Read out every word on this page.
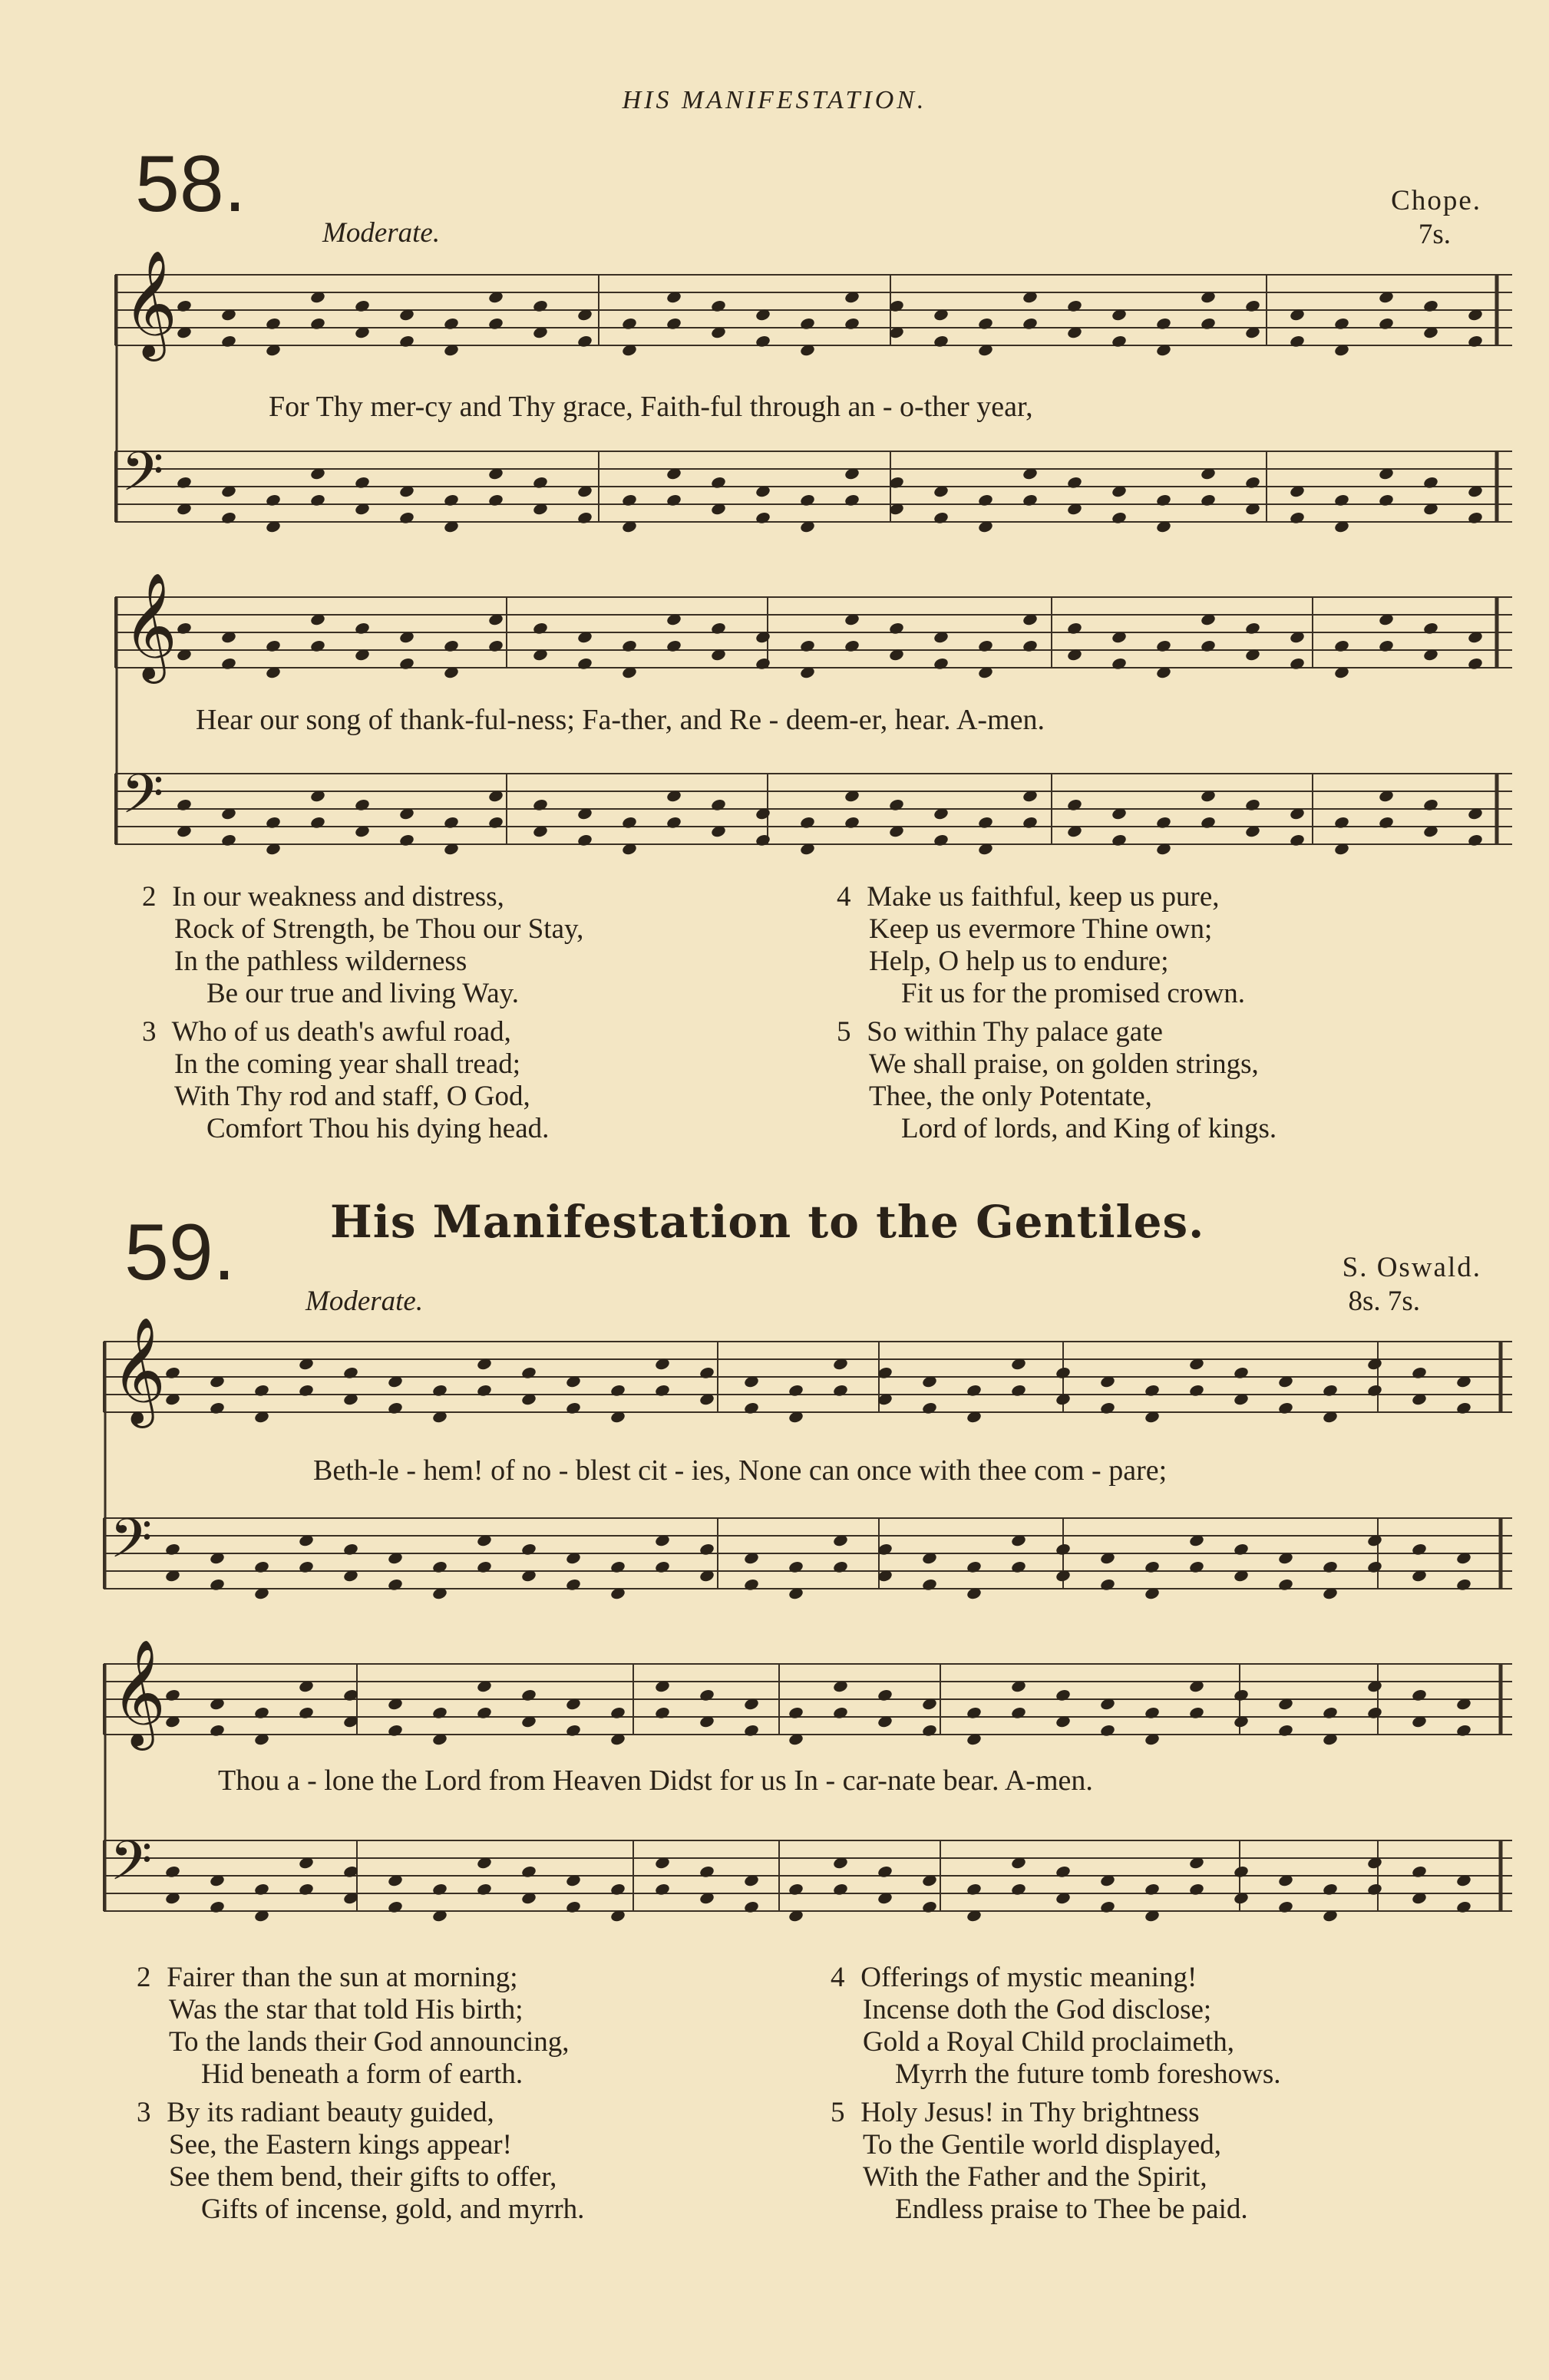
HIS MANIFESTATION.
58.
Moderate.
Chope.
7s.
𝄞
𝄢
For Thy mer-cy and Thy grace, Faith-ful through an - o-ther year,
𝄞
𝄢
Hear our song of thank-ful-ness; Fa-ther, and Re - deem-er, hear. A-men.
2 In our weakness and distress,
Rock of Strength, be Thou our Stay,
In the pathless wilderness
Be our true and living Way.
3 Who of us death's awful road,
In the coming year shall tread;
With Thy rod and staff, O God,
Comfort Thou his dying head.
4 Make us faithful, keep us pure,
Keep us evermore Thine own;
Help, O help us to endure;
Fit us for the promised crown.
5 So within Thy palace gate
We shall praise, on golden strings,
Thee, the only Potentate,
Lord of lords, and King of kings.
59. His Manifestation to the Gentiles.
S. Oswald.
Moderate.	8s. 7s.
𝄞
𝄢
Beth-le - hem! of no - blest cit - ies, None can once with thee com - pare;
𝄞
𝄢
Thou a - lone the Lord from Heaven Didst for us In - car-nate bear. A-men.
2 Fairer than the sun at morning;
Was the star that told His birth;
To the lands their God announcing,
Hid beneath a form of earth.
3 By its radiant beauty guided,
See, the Eastern kings appear!
See them bend, their gifts to offer,
Gifts of incense, gold, and myrrh.
4 Offerings of mystic meaning!
Incense doth the God disclose;
Gold a Royal Child proclaimeth,
Myrrh the future tomb foreshows.
5 Holy Jesus! in Thy brightness
To the Gentile world displayed,
With the Father and the Spirit,
Endless praise to Thee be paid.
